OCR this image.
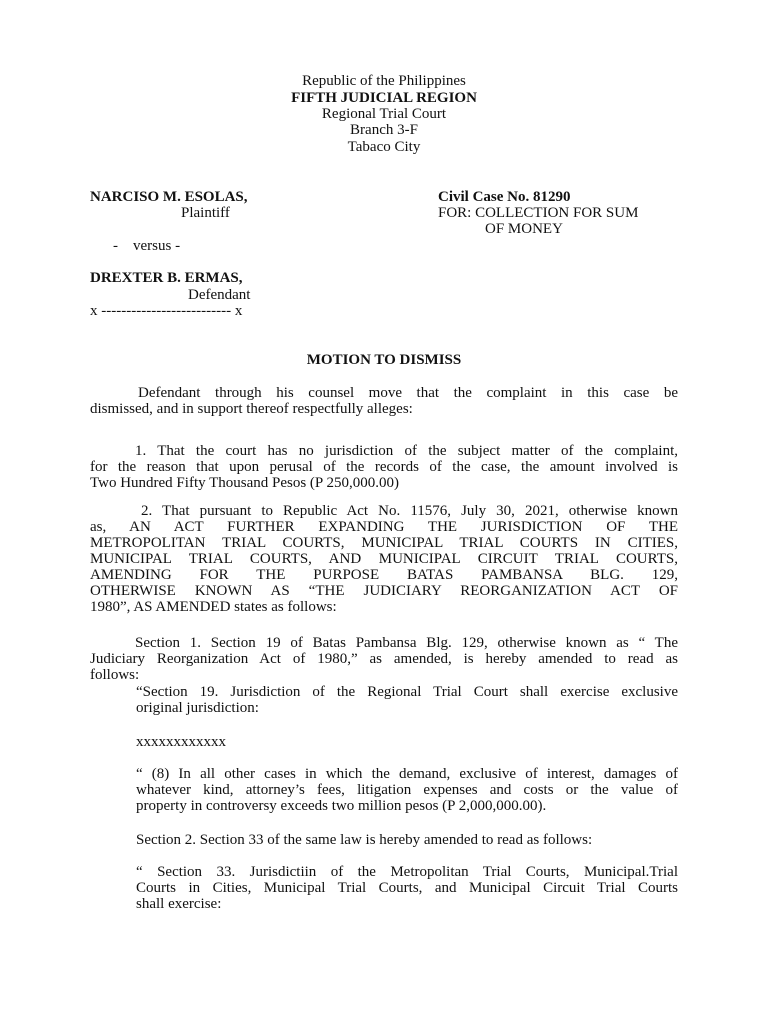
Republic of the Philippines
FIFTH JUDICIAL REGION
Regional Trial Court
Branch 3-F
Tabaco City
NARCISO M. ESOLAS,
Plaintiff
-    versus -
DREXTER B. ERMAS,
Defendant
x -------------------------- x
Civil Case No. 81290
FOR: COLLECTION FOR SUM
OF MONEY
MOTION TO DISMISS
Defendant through his counsel move that the complaint in this case be
dismissed, and in support thereof respectfully alleges:
1. That the court has no jurisdiction of the subject matter of the complaint,
for the reason that upon perusal of the records of the case, the amount involved is
Two Hundred Fifty Thousand Pesos (P 250,000.00)
2. That pursuant to Republic Act No. 11576, July 30, 2021, otherwise known
as, AN ACT FURTHER EXPANDING THE JURISDICTION OF THE
METROPOLITAN TRIAL COURTS, MUNICIPAL TRIAL COURTS IN CITIES,
MUNICIPAL TRIAL COURTS, AND MUNICIPAL CIRCUIT TRIAL COURTS,
AMENDING FOR THE PURPOSE BATAS PAMBANSA BLG. 129,
OTHERWISE KNOWN AS “THE JUDICIARY REORGANIZATION ACT OF
1980”, AS AMENDED states as follows:
Section 1. Section 19 of Batas Pambansa Blg. 129, otherwise known as “ The
Judiciary Reorganization Act of 1980,” as amended, is hereby amended to read as
follows:
“Section 19. Jurisdiction of the Regional Trial Court shall exercise exclusive
original jurisdiction:
xxxxxxxxxxxx
“ (8) In all other cases in which the demand, exclusive of interest, damages of
whatever kind, attorney’s fees, litigation expenses and costs or the value of
property in controversy exceeds two million pesos (P 2,000,000.00).
Section 2. Section 33 of the same law is hereby amended to read as follows:
“ Section 33. Jurisdictiin of the Metropolitan Trial Courts, Municipal.Trial
Courts in Cities, Municipal Trial Courts, and Municipal Circuit Trial Courts
shall exercise:
